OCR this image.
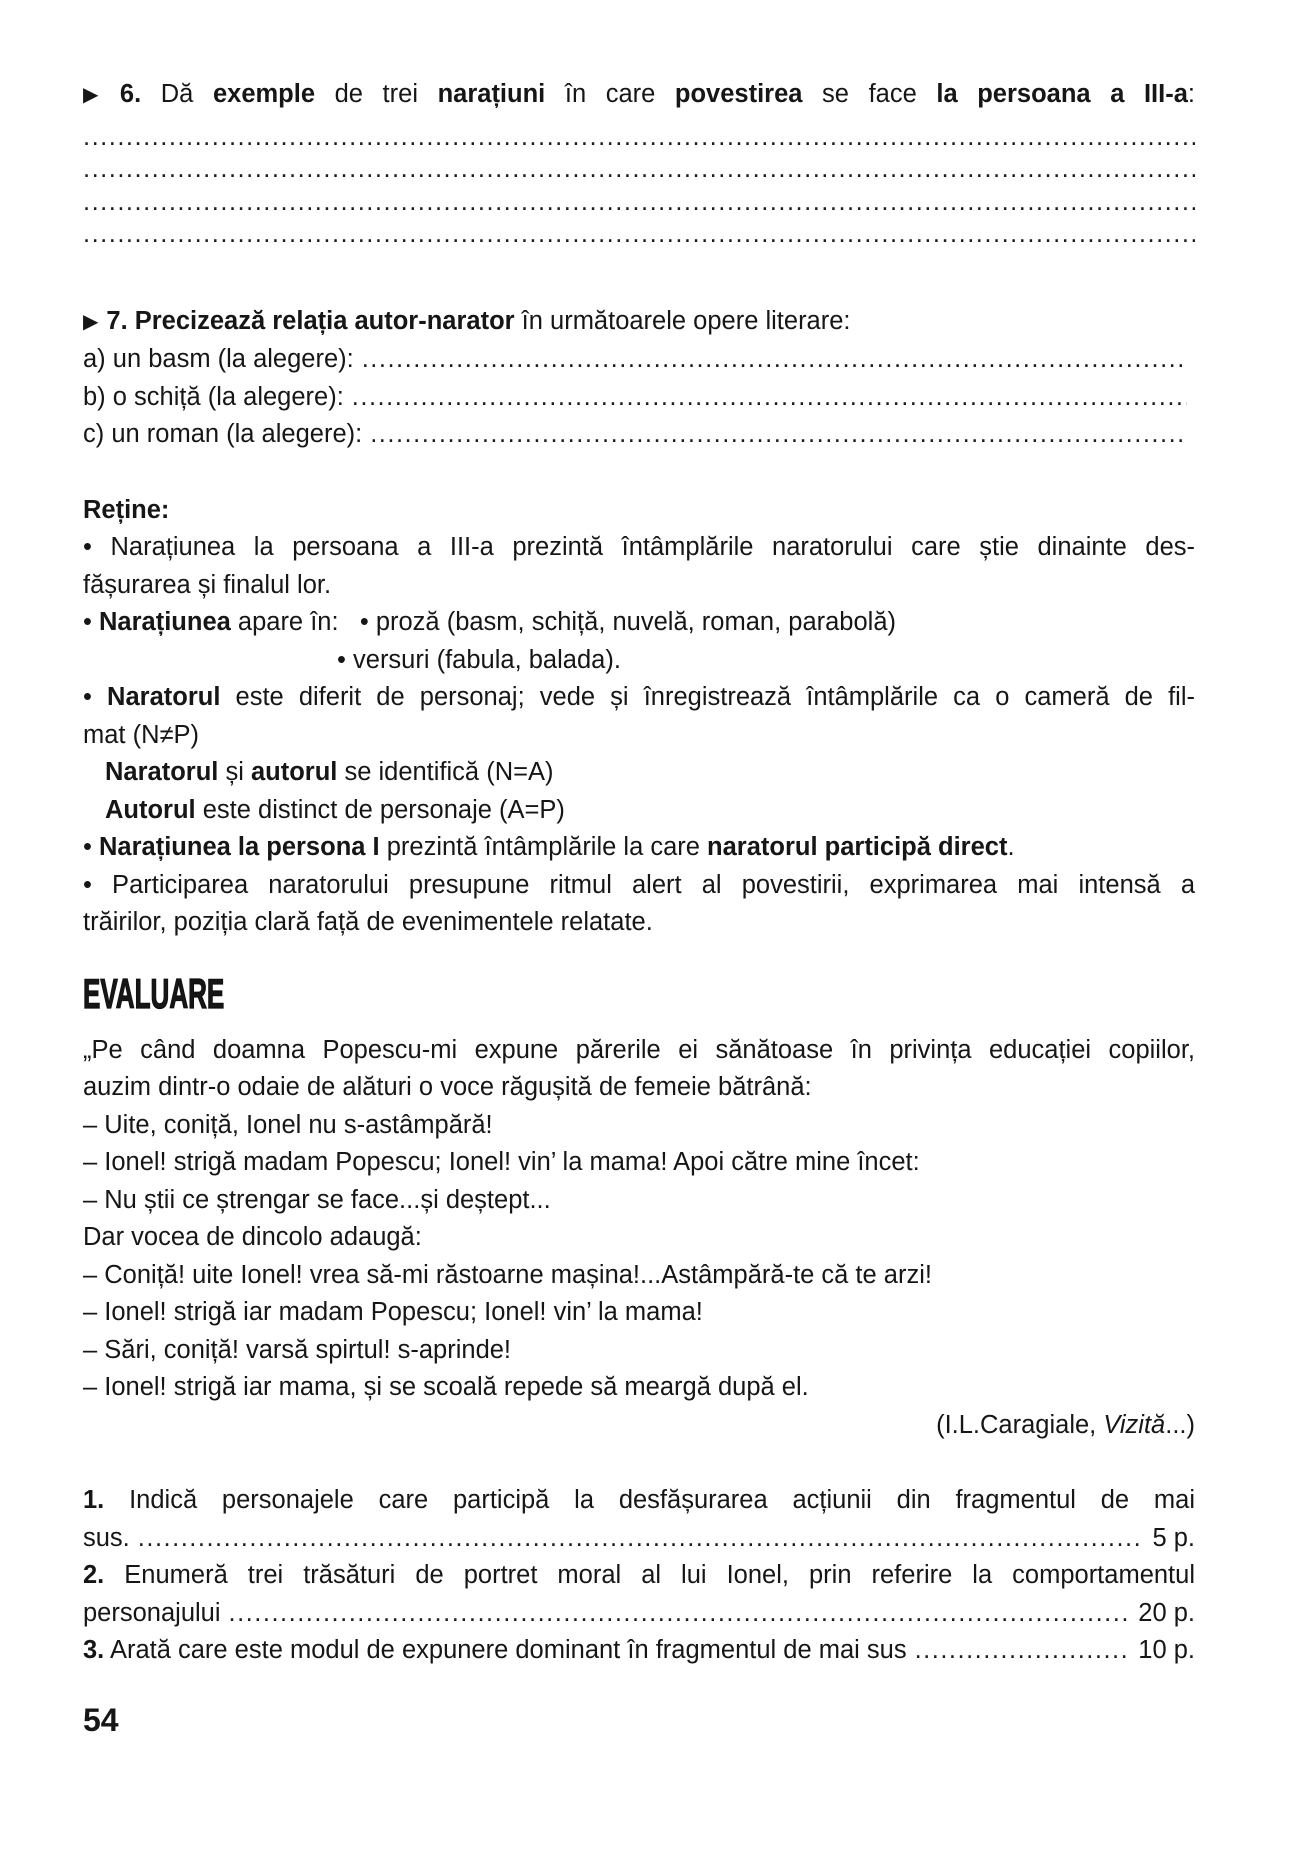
▶ 6. Dă exemple de trei narațiuni în care povestirea se face la persoana a III-a:
.....
.....
.....
.....
▶ 7. Precizează relația autor-narator în următoarele opere literare:
a) un basm (la alegere):
.....
b) o schiță (la alegere):
.....
c) un roman (la alegere):
.....
Reține:
• Narațiunea la persoana a III-a prezintă întâmplările naratorului care știe dinainte des-
fășurarea și finalul lor.
• Narațiunea apare în:   • proză (basm, schiță, nuvelă, roman, parabolă)
• versuri (fabula, balada).
• Naratorul este diferit de personaj; vede și înregistrează întâmplările ca o cameră de fil-
mat (N≠P)
Naratorul și autorul se identifică (N=A)
Autorul este distinct de personaje (A=P)
• Narațiunea la persona I prezintă întâmplările la care naratorul participă direct.
• Participarea naratorului presupune ritmul alert al povestirii, exprimarea mai intensă a
trăirilor, poziția clară față de evenimentele relatate.
EVALUARE
„Pe când doamna Popescu-mi expune părerile ei sănătoase în privința educației copiilor,
auzim dintr-o odaie de alături o voce răgușită de femeie bătrână:
– Uite, coniță, Ionel nu s-astâmpără!
– Ionel! strigă madam Popescu; Ionel! vin’ la mama! Apoi către mine încet:
– Nu știi ce ștrengar se face...și deștept...
Dar vocea de dincolo adaugă:
– Coniță! uite Ionel! vrea să-mi răstoarne mașina!...Astâmpără-te că te arzi!
– Ionel! strigă iar madam Popescu; Ionel! vin’ la mama!
– Sări, coniță! varsă spirtul! s-aprinde!
– Ionel! strigă iar mama, și se scoală repede să meargă după el.
(I.L.Caragiale, Vizită...)
1. Indică personajele care participă la desfășurarea acțiunii din fragmentul de mai
sus. .....	5 p.
2. Enumeră trei trăsături de portret moral al lui Ionel, prin referire la comportamentul
personajului .....	20 p.
3. Arată care este modul de expunere dominant în fragmentul de mai sus .....	10 p.
54
